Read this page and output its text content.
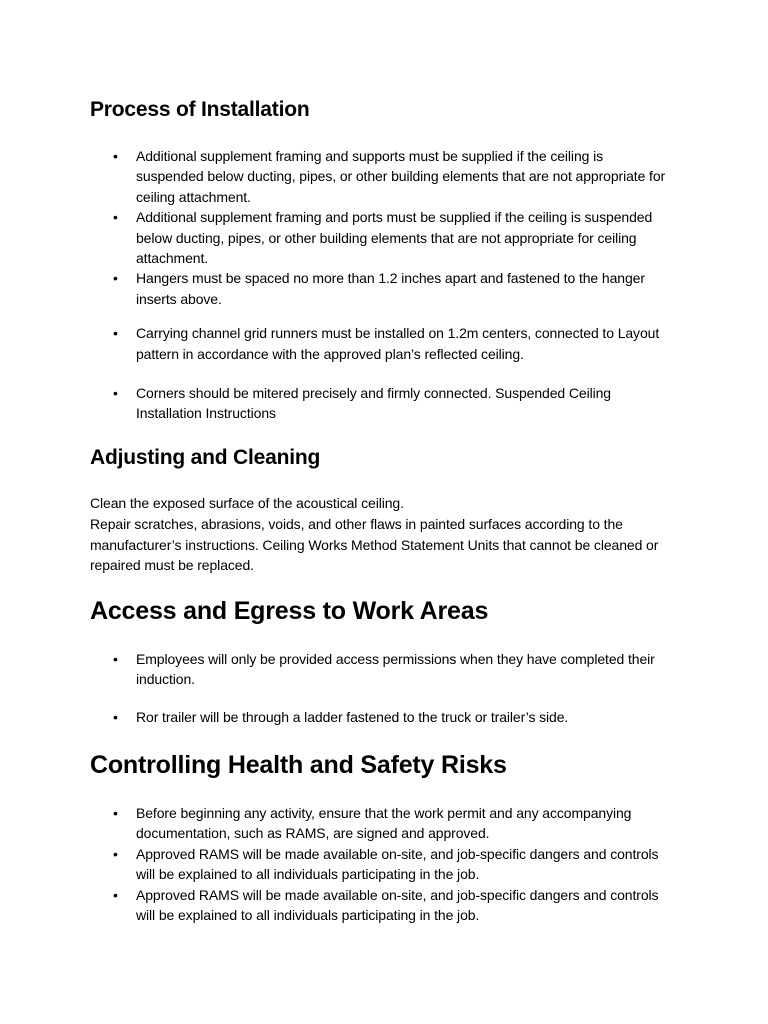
Process of Installation
• Additional supplement framing and supports must be supplied if the ceiling is suspended below ducting, pipes, or other building elements that are not appropriate for ceiling attachment.
• Additional supplement framing and ports must be supplied if the ceiling is suspended below ducting, pipes, or other building elements that are not appropriate for ceiling attachment.
• Hangers must be spaced no more than 1.2 inches apart and fastened to the hanger inserts above.
• Carrying channel grid runners must be installed on 1.2m centers, connected to Layout pattern in accordance with the approved plan’s reflected ceiling.
• Corners should be mitered precisely and firmly connected. Suspended Ceiling Installation Instructions
Adjusting and Cleaning
Clean the exposed surface of the acoustical ceiling.
Repair scratches, abrasions, voids, and other flaws in painted surfaces according to the manufacturer’s instructions. Ceiling Works Method Statement Units that cannot be cleaned or repaired must be replaced.
Access and Egress to Work Areas
• Employees will only be provided access permissions when they have completed their induction.
• Ror trailer will be through a ladder fastened to the truck or trailer’s side.
Controlling Health and Safety Risks
• Before beginning any activity, ensure that the work permit and any accompanying documentation, such as RAMS, are signed and approved.
• Approved RAMS will be made available on-site, and job-specific dangers and controls will be explained to all individuals participating in the job.
• Approved RAMS will be made available on-site, and job-specific dangers and controls will be explained to all individuals participating in the job.
